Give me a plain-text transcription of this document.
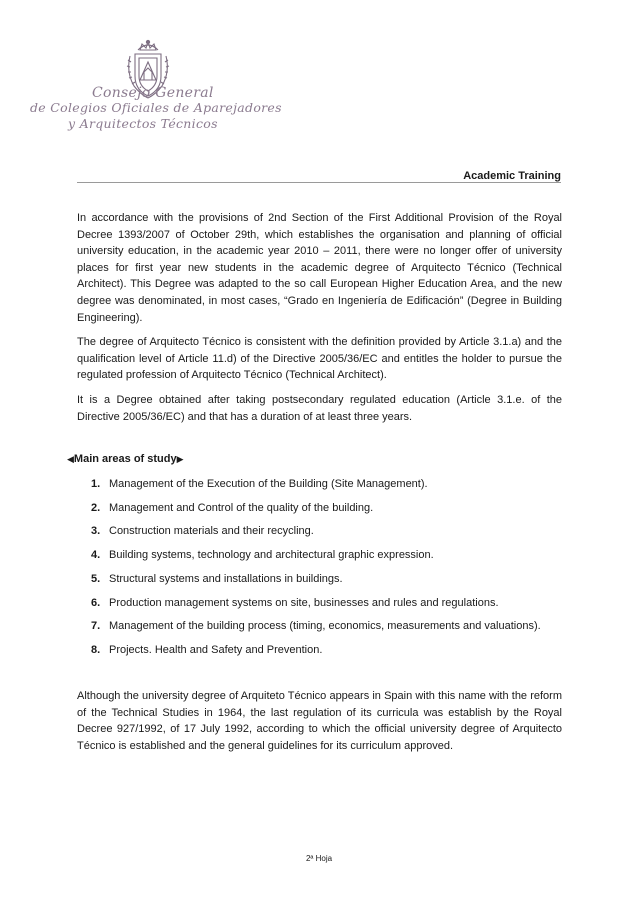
Consejo General
de Colegios Oficiales de Aparejadores
y Arquitectos Técnicos
Academic Training

In accordance with the provisions of 2nd Section of the First Additional Provision of the Royal Decree 1393/2007 of October 29th, which establishes the organisation and planning of official university education, in the academic year 2010 – 2011, there were no longer offer of university places for first year new students in the academic degree of Arquitecto Técnico (Technical Architect). This Degree was adapted to the so call European Higher Education Area, and the new degree was denominated, in most cases, “Grado en Ingeniería de Edificación” (Degree in Building Engineering).

The degree of Arquitecto Técnico is consistent with the definition provided by Article 3.1.a) and the qualification level of Article 11.d) of the Directive 2005/36/EC and entitles the holder to pursue the regulated profession of Arquitecto Técnico (Technical Architect).

It is a Degree obtained after taking postsecondary regulated education (Article 3.1.e. of the Directive 2005/36/EC) and that has a duration of at least three years.

◀ Main areas of study ▶
1. Management of the Execution of the Building (Site Management).
2. Management and Control of the quality of the building.
3. Construction materials and their recycling.
4. Building systems, technology and architectural graphic expression.
5. Structural systems and installations in buildings.
6. Production management systems on site, businesses and rules and regulations.
7. Management of the building process (timing, economics, measurements and valuations).
8. Projects. Health and Safety and Prevention.

Although the university degree of Arquiteto Técnico appears in Spain with this name with the reform of the Technical Studies in 1964, the last regulation of its curricula was establish by the Royal Decree 927/1992, of 17 July 1992, according to which the official university degree of Arquitecto Técnico is established and the general guidelines for its curriculum approved.

2ª Hoja
